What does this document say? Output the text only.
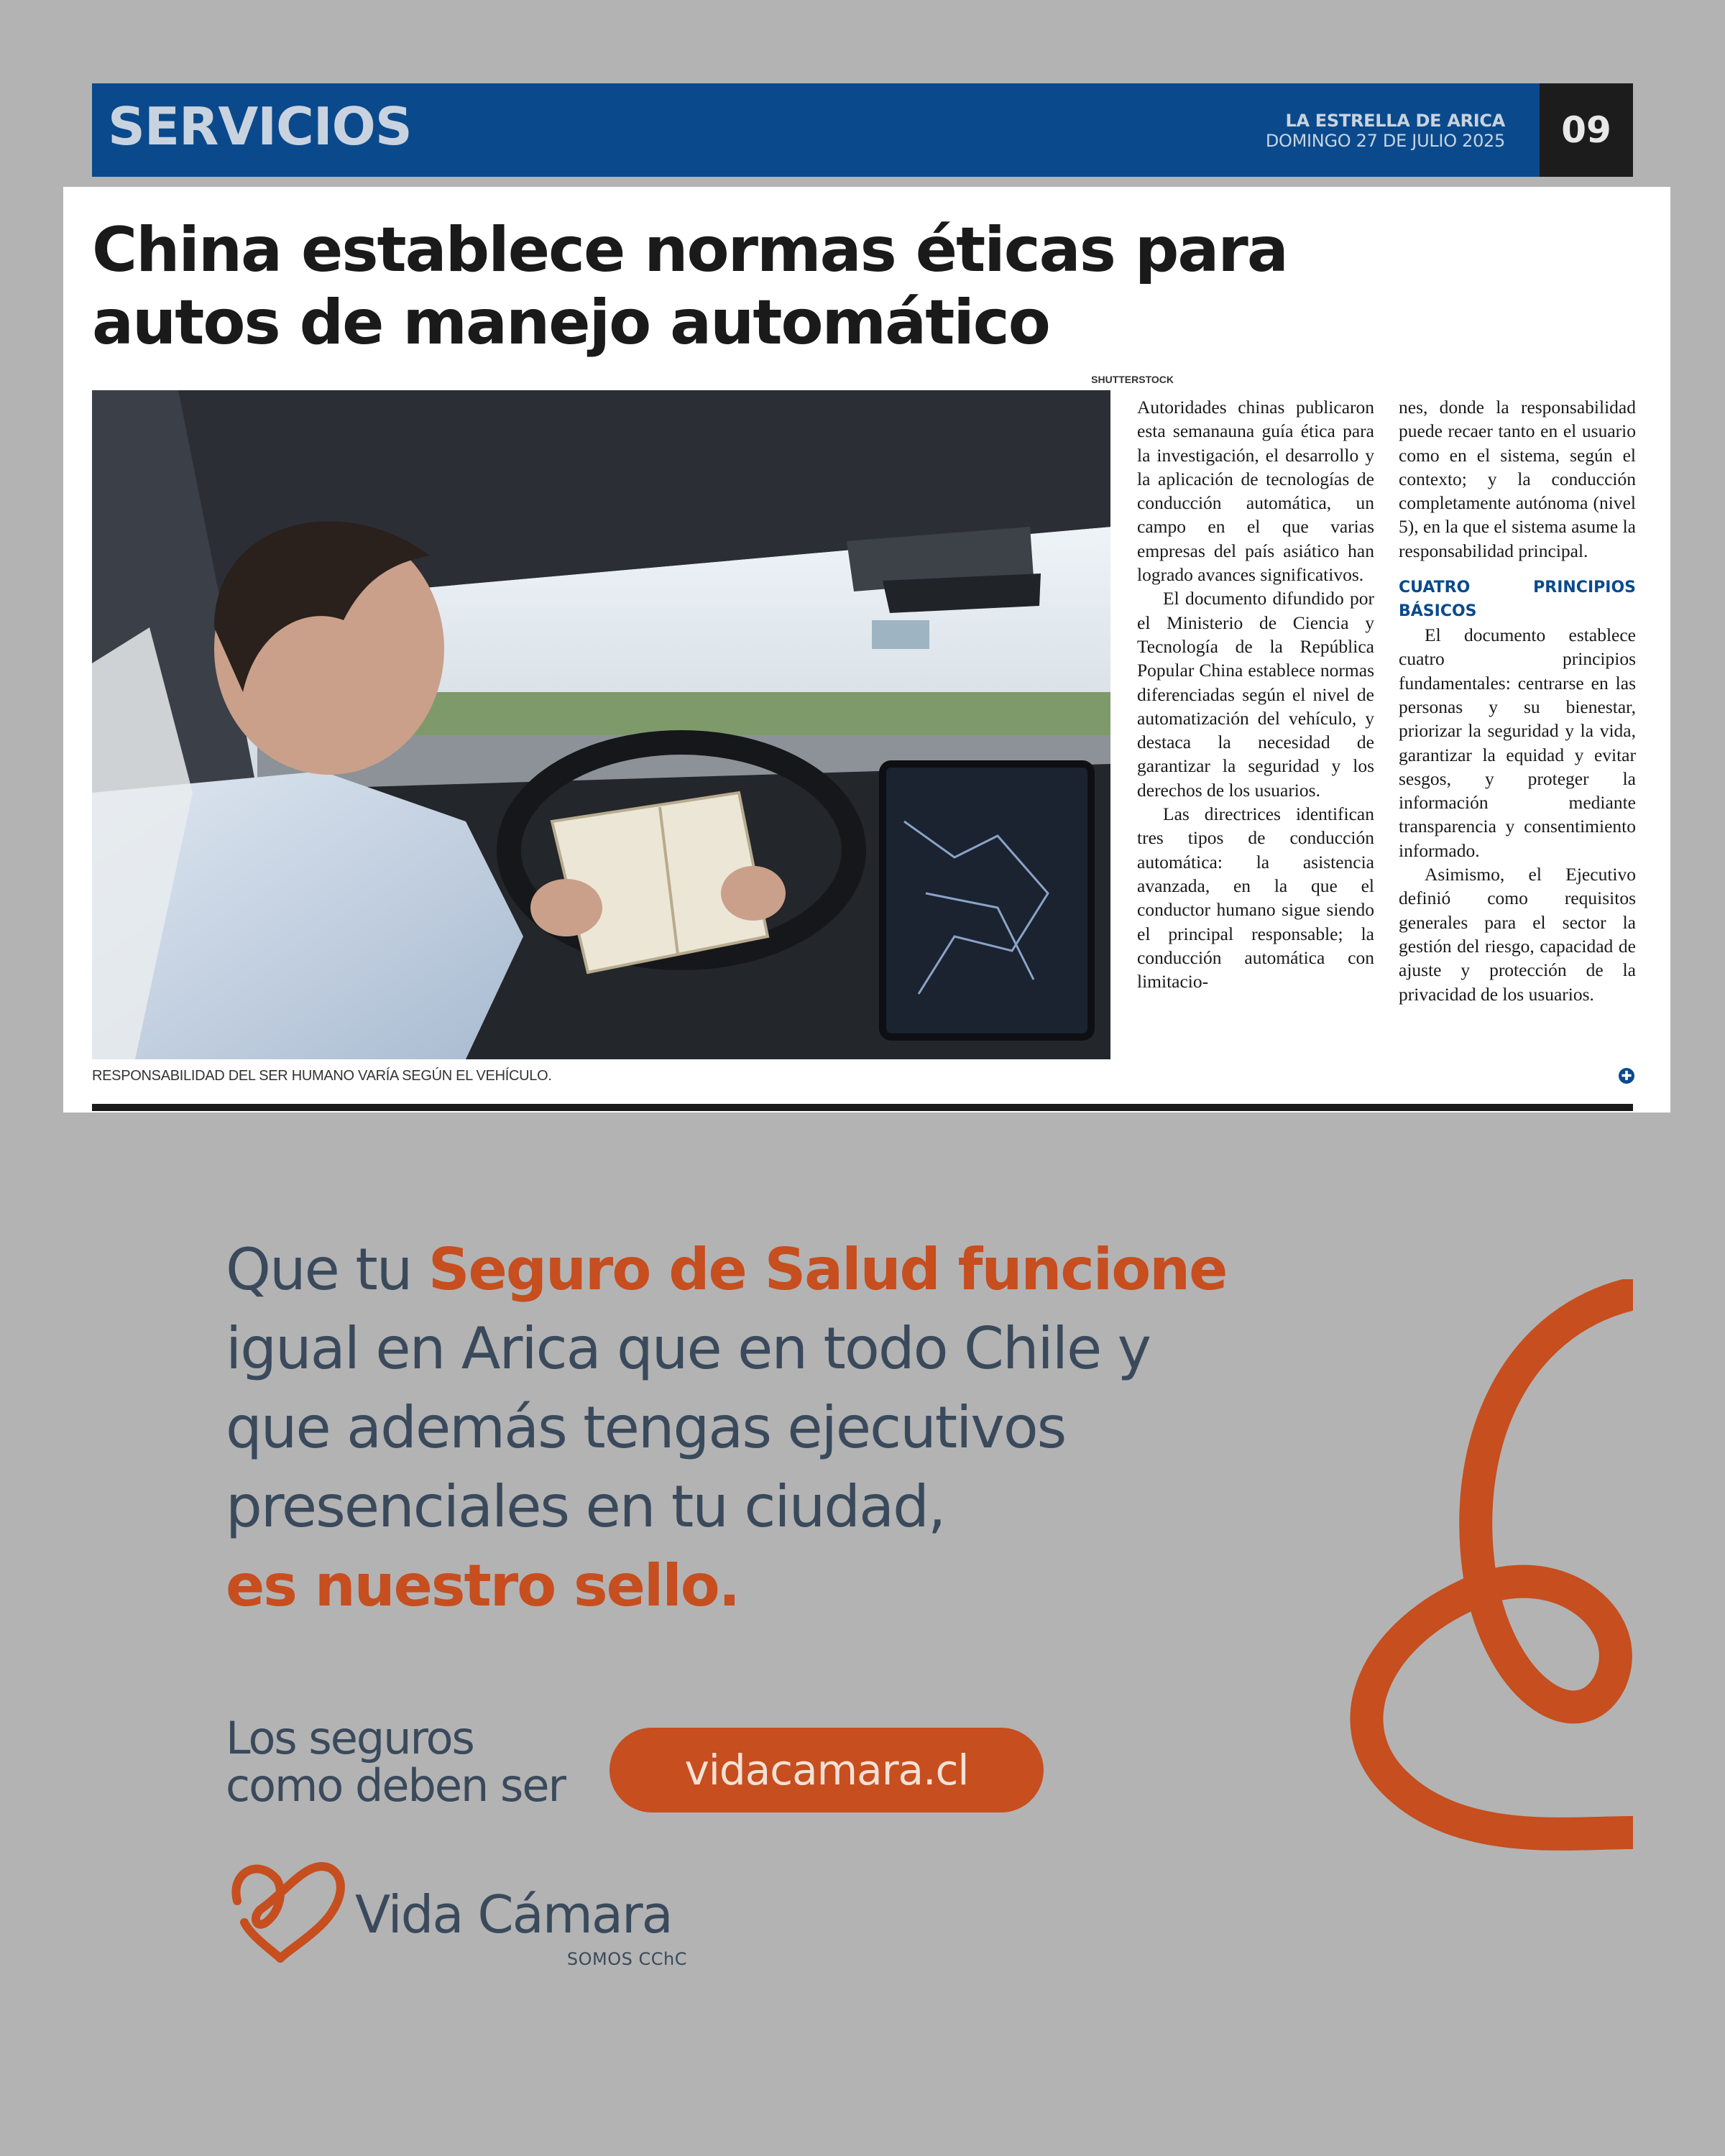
SERVICIOS	LA ESTRELLA DE ARICA
DOMINGO 27 DE JULIO 2025	09
China establece normas éticas para autos de manejo automático
SHUTTERSTOCK
RESPONSABILIDAD DEL SER HUMANO VARÍA SEGÚN EL VEHÍCULO.

Autoridades chinas publicaron esta semanauna guía ética para la investigación, el desarrollo y la aplicación de tecnologías de conducción automática, un campo en el que varias empresas del país asiático han logrado avances significativos.

El documento difundido por el Ministerio de Ciencia y Tecnología de la República Popular China establece normas diferenciadas según el nivel de automatización del vehículo, y destaca la necesidad de garantizar la seguridad y los derechos de los usuarios.

Las directrices identifican tres tipos de conducción automática: la asistencia avanzada, en la que el conductor humano sigue siendo el principal responsable; la conducción automática con limitacio-

nes, donde la responsabilidad puede recaer tanto en el usuario como en el sistema, según el contexto; y la conducción completamente autónoma (nivel 5), en la que el sistema asume la responsabilidad principal.

CUATRO PRINCIPIOS BÁSICOS

El documento establece cuatro principios fundamentales: centrarse en las personas y su bienestar, priorizar la seguridad y la vida, garantizar la equidad y evitar sesgos, y proteger la información mediante transparencia y consentimiento informado.

Asimismo, el Ejecutivo definió como requisitos generales para el sector la gestión del riesgo, capacidad de ajuste y protección de la privacidad de los usuarios.

✚
Que tu Seguro de Salud funcione
igual en Arica que en todo Chile y
que además tengas ejecutivos
presenciales en tu ciudad,
es nuestro sello.
Los seguros
como deben ser	vidacamara.cl
Vida Cámara
SOMOS CChC
